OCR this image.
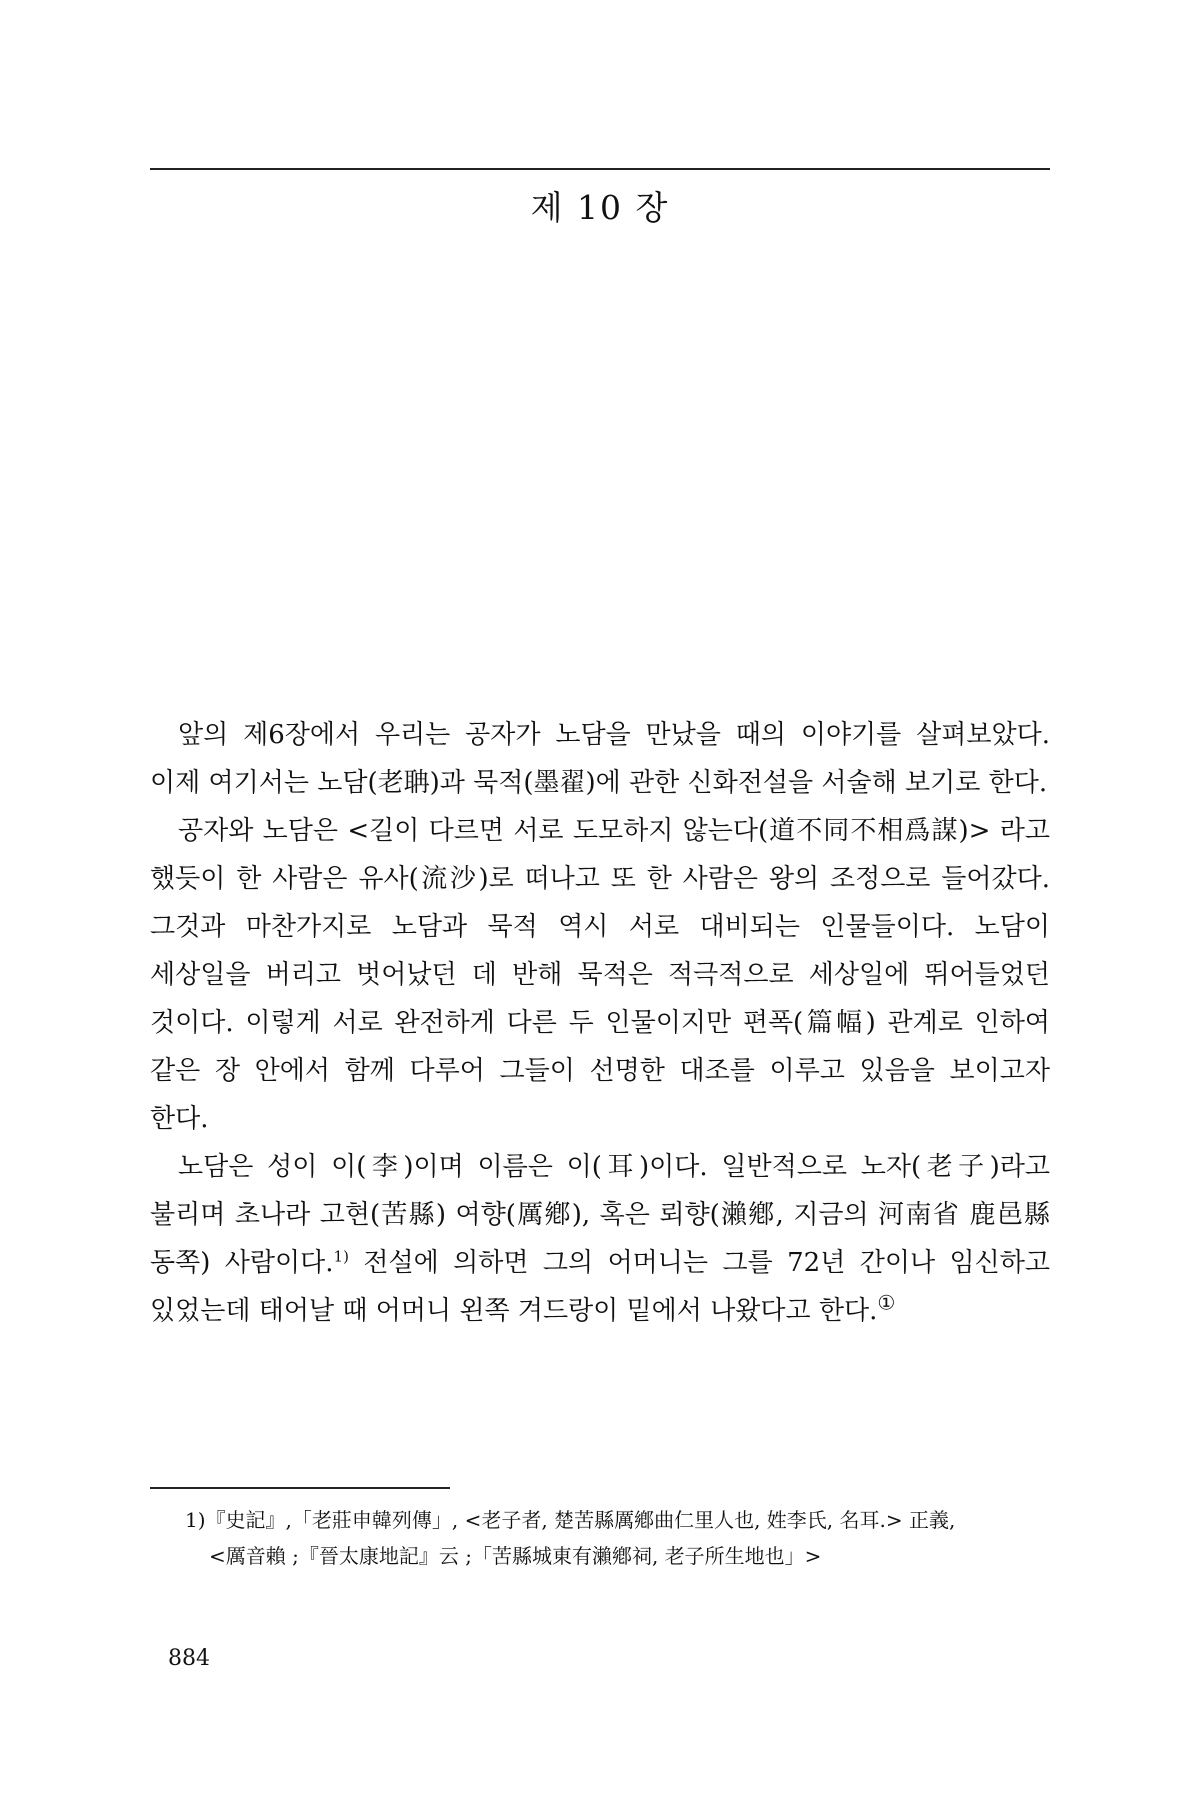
제 10 장

앞의 제6장에서 우리는 공자가 노담을 만났을 때의 이야기를 살펴보았다. 이제 여기서는 노담(老聃)과 묵적(墨翟)에 관한 신화전설을 서술해 보기로 한다.

공자와 노담은 <길이 다르면 서로 도모하지 않는다(道不同不相爲謀)> 라고 했듯이 한 사람은 유사(流沙)로 떠나고 또 한 사람은 왕의 조정으로 들어갔다. 그것과 마찬가지로 노담과 묵적 역시 서로 대비되는 인물들이다. 노담이 세상일을 버리고 벗어났던 데 반해 묵적은 적극적으로 세상일에 뛰어들었던 것이다. 이렇게 서로 완전하게 다른 두 인물이지만 편폭(篇幅) 관계로 인하여 같은 장 안에서 함께 다루어 그들이 선명한 대조를 이루고 있음을 보이고자 한다.

노담은 성이 이(李)이며 이름은 이(耳)이다. 일반적으로 노자(老子)라고 불리며 초나라 고현(苦縣) 여향(厲鄕), 혹은 뢰향(瀨鄕, 지금의 河南省 鹿邑縣 동쪽) 사람이다.$^{1)}$ 전설에 의하면 그의 어머니는 그를 72년 간이나 임신하고 있었는데 태어날 때 어머니 왼쪽 겨드랑이 밑에서 나왔다고 한다.①

1)『史記』,「老莊申韓列傳」, <老子者, 楚苦縣厲鄕曲仁里人也, 姓李氏, 名耳.> 正義,
<厲音賴 ;『晉太康地記』云 ;「苦縣城東有瀨鄕祠, 老子所生地也」>
884
